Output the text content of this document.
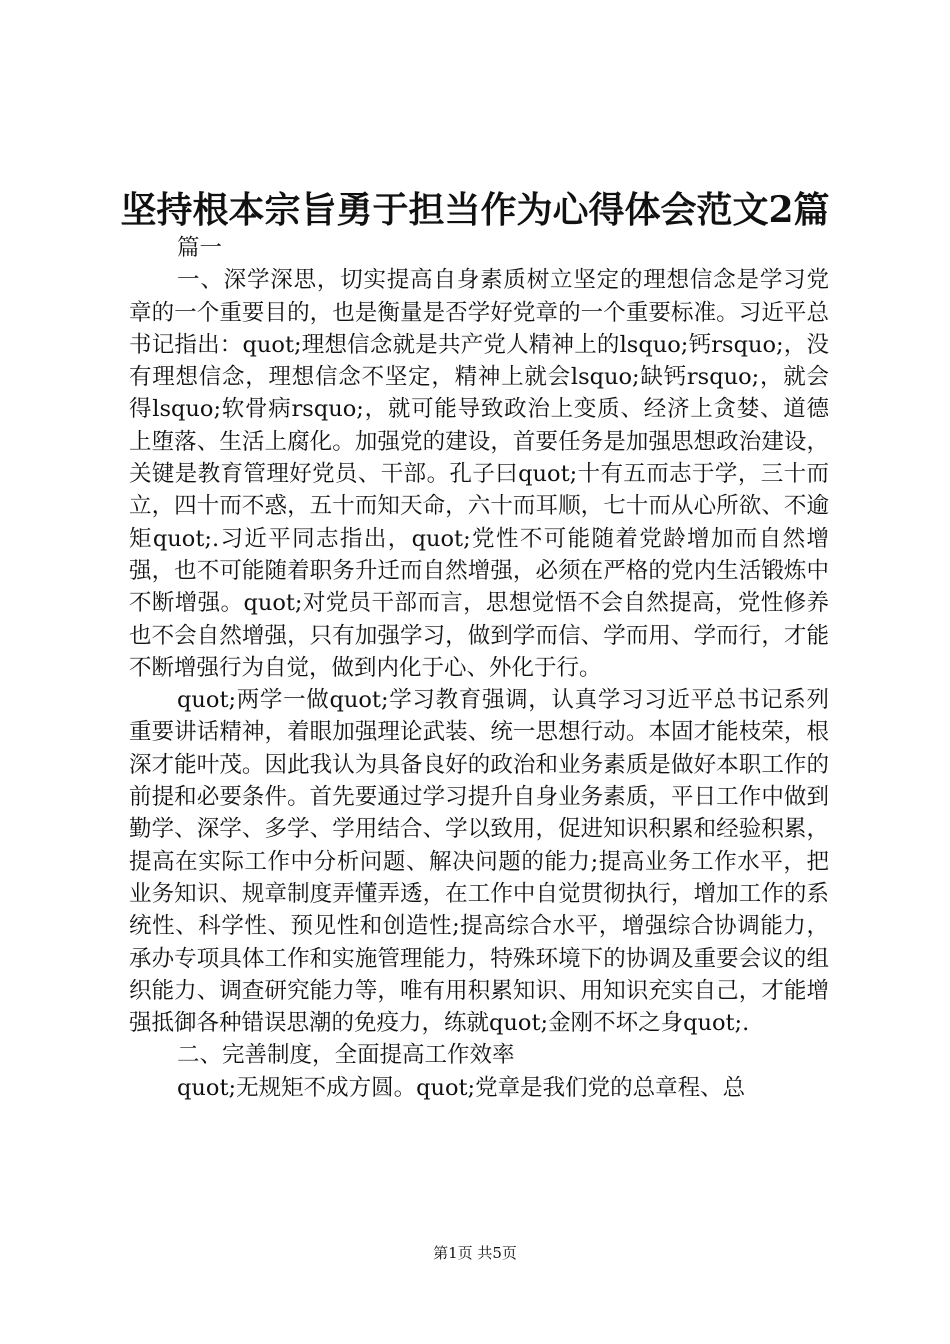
坚持根本宗旨勇于担当作为心得体会范文2篇

篇一

一、深学深思，切实提高自身素质树立坚定的理想信念是学习党章的一个重要目的，也是衡量是否学好党章的一个重要标准。习近平总书记指出：quot;理想信念就是共产党人精神上的lsquo;钙rsquo;，没有理想信念，理想信念不坚定，精神上就会lsquo;缺钙rsquo;，就会得lsquo;软骨病rsquo;，就可能导致政治上变质、经济上贪婪、道德上堕落、生活上腐化。加强党的建设，首要任务是加强思想政治建设，关键是教育管理好党员、干部。孔子曰quot;十有五而志于学，三十而立，四十而不惑，五十而知天命，六十而耳顺，七十而从心所欲、不逾矩quot;.习近平同志指出，quot;党性不可能随着党龄增加而自然增强，也不可能随着职务升迁而自然增强，必须在严格的党内生活锻炼中不断增强。quot;对党员干部而言，思想觉悟不会自然提高，党性修养也不会自然增强，只有加强学习，做到学而信、学而用、学而行，才能不断增强行为自觉，做到内化于心、外化于行。

quot;两学一做quot;学习教育强调，认真学习习近平总书记系列重要讲话精神，着眼加强理论武装、统一思想行动。本固才能枝荣，根深才能叶茂。因此我认为具备良好的政治和业务素质是做好本职工作的前提和必要条件。首先要通过学习提升自身业务素质，平日工作中做到勤学、深学、多学、学用结合、学以致用，促进知识积累和经验积累，提高在实际工作中分析问题、解决问题的能力;提高业务工作水平，把业务知识、规章制度弄懂弄透，在工作中自觉贯彻执行，增加工作的系统性、科学性、预见性和创造性;提高综合水平，增强综合协调能力，承办专项具体工作和实施管理能力，特殊环境下的协调及重要会议的组织能力、调查研究能力等，唯有用积累知识、用知识充实自己，才能增强抵御各种错误思潮的免疫力，练就quot;金刚不坏之身quot;.

二、完善制度，全面提高工作效率

quot;无规矩不成方圆。quot;党章是我们党的总章程、总

第1页 共5页
